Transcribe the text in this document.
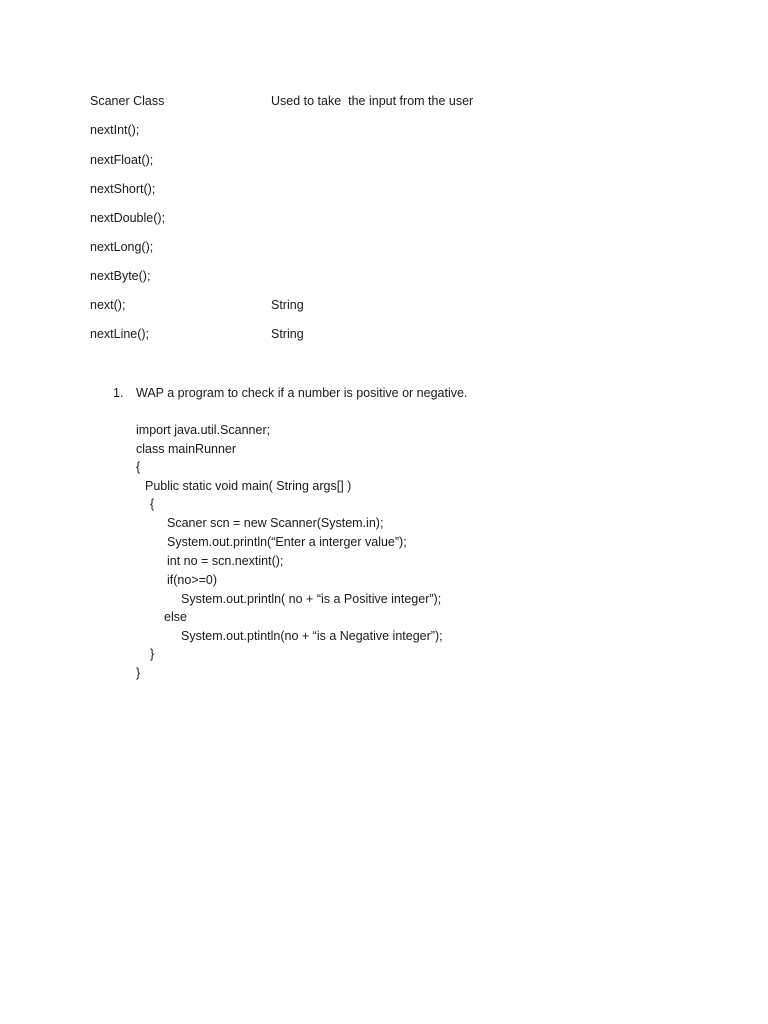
Scaner Class	Used to take  the input from the user
nextInt();
nextFloat();
nextShort();
nextDouble();
nextLong();
nextByte();
next();	String
nextLine();	String
1. WAP a program to check if a number is positive or negative.
import java.util.Scanner;
class mainRunner
{
Public static void main( String args[] )
{
Scaner scn = new Scanner(System.in);
System.out.println(“Enter a interger value”);
int no = scn.nextint();
if(no>=0)
System.out.println( no + “is a Positive integer”);
else
System.out.ptintln(no + “is a Negative integer”);
}
}
